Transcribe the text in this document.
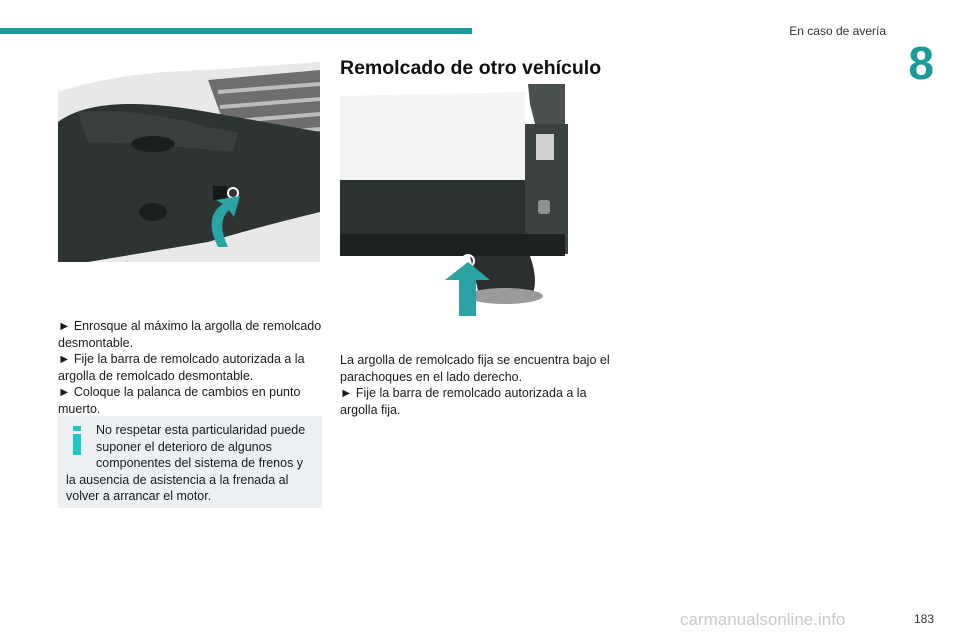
En caso de avería
8

► Enrosque al máximo la argolla de remolcado desmontable.

► Fije la barra de remolcado autorizada a la argolla de remolcado desmontable.

► Coloque la palanca de cambios en punto muerto.

No respetar esta particularidad puede suponer el deterioro de algunos componentes del sistema de frenos y la ausencia de asistencia a la frenada al volver a arrancar el motor.
Remolcado de otro vehículo

La argolla de remolcado fija se encuentra bajo el parachoques en el lado derecho.

► Fije la barra de remolcado autorizada a la argolla fija.

carmanualsonline.info	183
